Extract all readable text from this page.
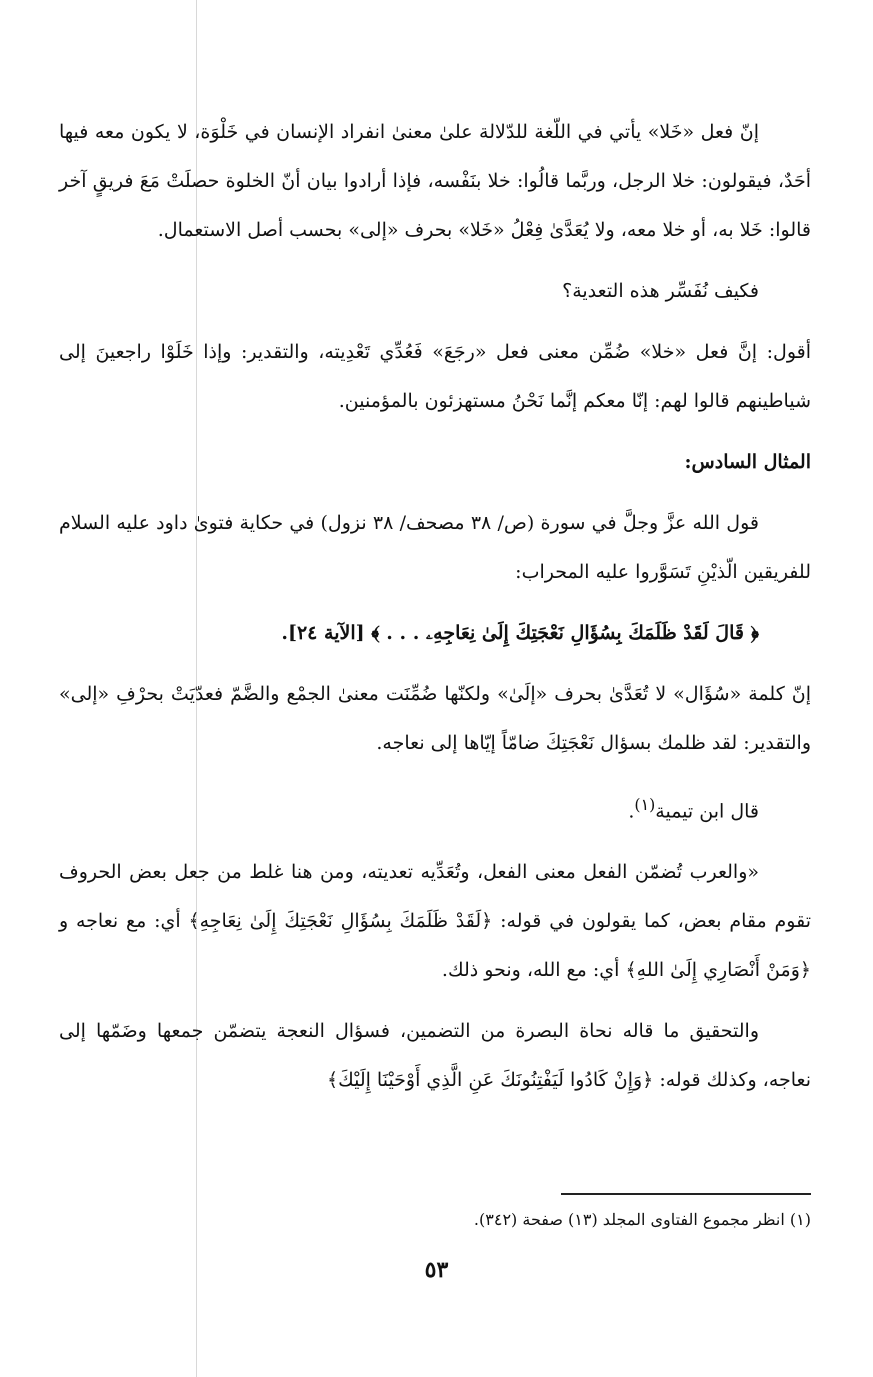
إنّ فعل «خَلا» يأتي في اللّغة للدّلالة علىٰ معنىٰ انفراد الإنسان في خَلْوَة، لا يكون معه فيها أحَدٌ، فيقولون: خلا الرجل، وربَّما قالُوا: خلا بنَفْسه، فإذا أرادوا بيان أنّ الخلوة حصلَتْ مَعَ فريقٍ آخر قالوا: خَلا به، أو خلا معه، ولا يُعَدَّىٰ فِعْلُ «خَلا» بحرف «إلى» بحسب أصل الاستعمال.

فكيف نُفَسِّر هذه التعدية؟

أقول: إنَّ فعل «خلا» ضُمِّن معنى فعل «رجَعَ» فَعُدِّي تَعْدِيته، والتقدير: وإذا خَلَوْا راجعينَ إلى شياطينهم قالوا لهم: إنّا معكم إنَّما نَحْنُ مستهزئون بالمؤمنين.

المثال السادس:

قول الله عزَّ وجلَّ في سورة (ص/ ٣٨ مصحف/ ٣٨ نزول) في حكاية فتوىٰ داود عليه السلام للفريقين الّذيْنِ تَسَوَّروا عليه المحراب:

﴿ قَالَ لَقَدْ ظَلَمَكَ بِسُؤَالِ نَعْجَتِكَ إِلَىٰ نِعَاجِهِۦ . . . ﴾ [الآية ٢٤].

إنّ كلمة «سُؤَال» لا تُعَدَّىٰ بحرف «إلَىٰ» ولكنّها ضُمِّنَت معنىٰ الجمْع والضَّمّ فعدّيَتْ بحرْفِ «إلى» والتقدير: لقد ظلمك بسؤال نَعْجَتِكَ ضامّاً إيّاها إلى نعاجه.

قال ابن تيمية$^{(١)}$.

«والعرب تُضمّن الفعل معنى الفعل، وتُعَدِّيه تعديته، ومن هنا غلط من جعل بعض الحروف تقوم مقام بعض، كما يقولون في قوله: ﴿لَقَدْ ظَلَمَكَ بِسُؤَالِ نَعْجَتِكَ إِلَىٰ نِعَاجِهِ﴾ أي: مع نعاجه و ﴿وَمَنْ أَنْصَارِي إِلَىٰ اللهِ﴾ أي: مع الله، ونحو ذلك.

والتحقيق ما قاله نحاة البصرة من التضمين، فسؤال النعجة يتضمّن جمعها وضَمّها إلى نعاجه، وكذلك قوله: ﴿وَإِنْ كَادُوا لَيَفْتِنُونَكَ عَنِ الَّذِي أَوْحَيْنَا إِلَيْكَ﴾

(١) انظر مجموع الفتاوى المجلد (١٣) صفحة (٣٤٢).
٥٣
